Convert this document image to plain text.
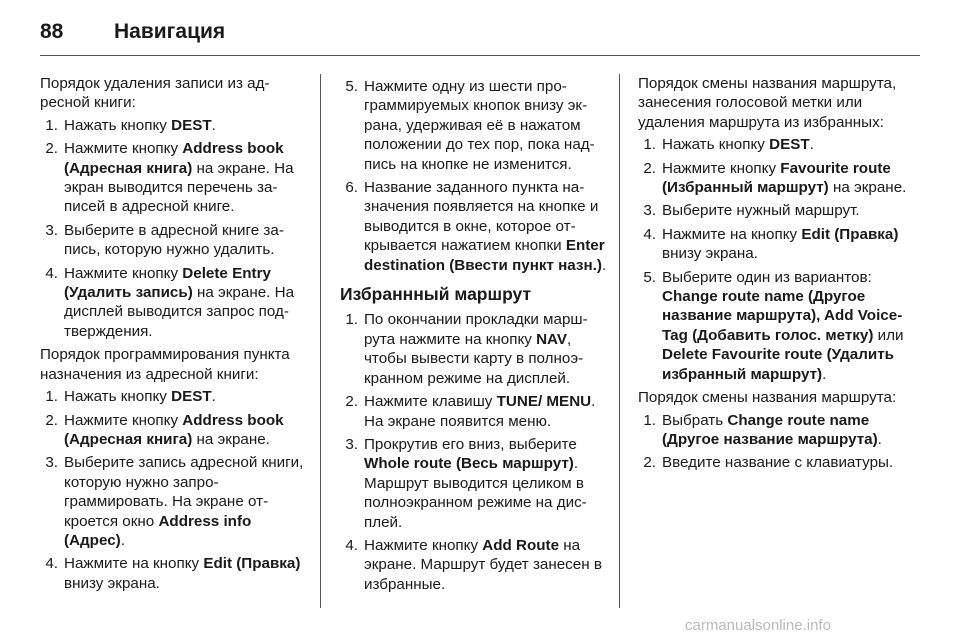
88 Навигация

Порядок удаления записи из адресной книги:

1. Нажать кнопку DEST.
2. Нажмите кнопку Address book (Адресная книга) на экране. На экран выводится перечень записей в адресной книге.
3. Выберите в адресной книге запись, которую нужно удалить.
4. Нажмите кнопку Delete Entry (Удалить запись) на экране. На дисплей выводится запрос подтверждения.

Порядок программирования пункта назначения из адресной книги:

1. Нажать кнопку DEST.
2. Нажмите кнопку Address book (Адресная книга) на экране.
3. Выберите запись адресной книги, которую нужно запрограммировать. На экране откроется окно Address info (Адрес).
4. Нажмите на кнопку Edit (Правка) внизу экрана.
5. Нажмите одну из шести программируемых кнопок внизу экрана, удерживая её в нажатом положении до тех пор, пока надпись на кнопке не изменится.
6. Название заданного пункта назначения появляется на кнопке и выводится в окне, которое открывается нажатием кнопки Enter destination (Ввести пункт назн.).
Избраннный маршрут
1. По окончании прокладки маршрута нажмите на кнопку NAV, чтобы вывести карту в полноэкранном режиме на дисплей.
2. Нажмите клавишу TUNE/ MENU. На экране появится меню.
3. Прокрутив его вниз, выберите Whole route (Весь маршрут). Маршрут выводится целиком в полноэкранном режиме на дисплей.
4. Нажмите кнопку Add Route на экране. Маршрут будет занесен в избранные.

Порядок смены названия маршрута, занесения голосовой метки или удаления маршрута из избранных:

1. Нажать кнопку DEST.
2. Нажмите кнопку Favourite route (Избранный маршрут) на экране.
3. Выберите нужный маршрут.
4. Нажмите на кнопку Edit (Правка) внизу экрана.
5. Выберите один из вариантов: Change route name (Другое название маршрута), Add Voice-Tag (Добавить голос. метку) или Delete Favourite route (Удалить избранный маршрут).

Порядок смены названия маршрута:

1. Выбрать Change route name (Другое название маршрута).
2. Введите название с клавиатуры.
carmanualsonline.info
